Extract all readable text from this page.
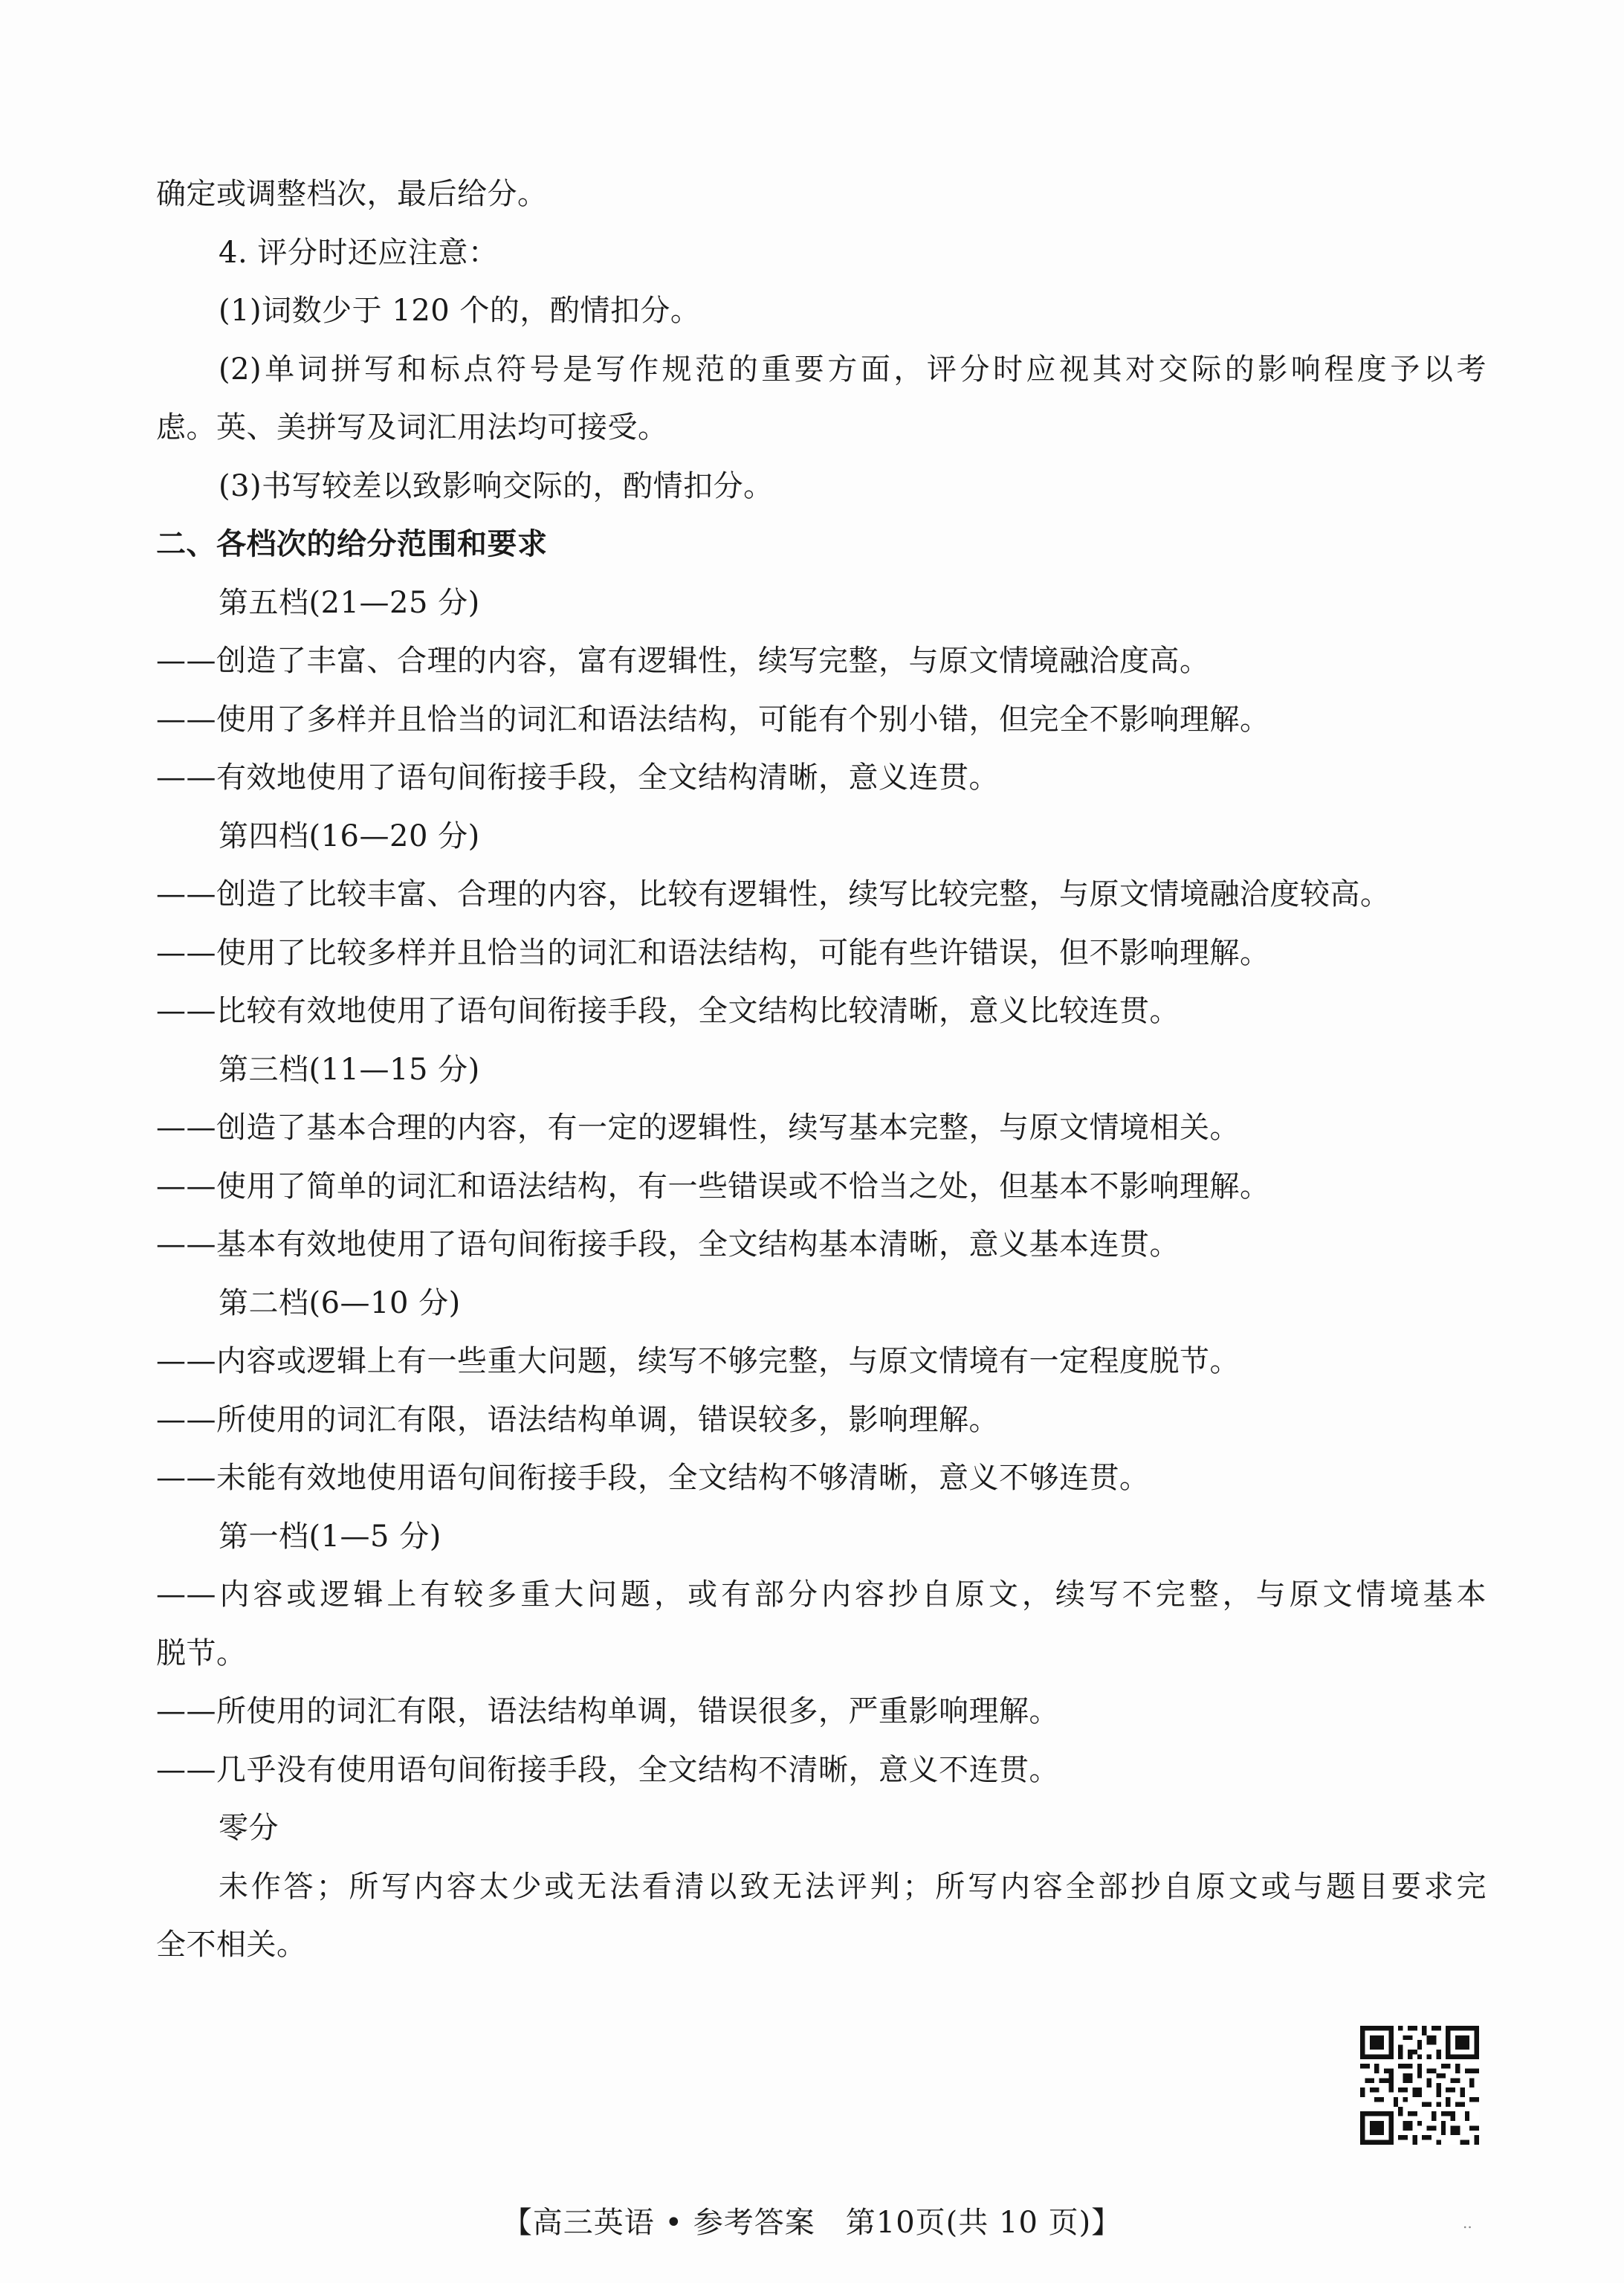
确定或调整档次，最后给分。
4. 评分时还应注意：
(1)词数少于 120 个的，酌情扣分。
(2)单词拼写和标点符号是写作规范的重要方面，评分时应视其对交际的影响程度予以考
虑。英、美拼写及词汇用法均可接受。
(3)书写较差以致影响交际的，酌情扣分。
二、各档次的给分范围和要求
第五档(21—25 分)
——创造了丰富、合理的内容，富有逻辑性，续写完整，与原文情境融洽度高。
——使用了多样并且恰当的词汇和语法结构，可能有个别小错，但完全不影响理解。
——有效地使用了语句间衔接手段，全文结构清晰，意义连贯。
第四档(16—20 分)
——创造了比较丰富、合理的内容，比较有逻辑性，续写比较完整，与原文情境融洽度较高。
——使用了比较多样并且恰当的词汇和语法结构，可能有些许错误，但不影响理解。
——比较有效地使用了语句间衔接手段，全文结构比较清晰，意义比较连贯。
第三档(11—15 分)
——创造了基本合理的内容，有一定的逻辑性，续写基本完整，与原文情境相关。
——使用了简单的词汇和语法结构，有一些错误或不恰当之处，但基本不影响理解。
——基本有效地使用了语句间衔接手段，全文结构基本清晰，意义基本连贯。
第二档(6—10 分)
——内容或逻辑上有一些重大问题，续写不够完整，与原文情境有一定程度脱节。
——所使用的词汇有限，语法结构单调，错误较多，影响理解。
——未能有效地使用语句间衔接手段，全文结构不够清晰，意义不够连贯。
第一档(1—5 分)
——内容或逻辑上有较多重大问题，或有部分内容抄自原文，续写不完整，与原文情境基本
脱节。
——所使用的词汇有限，语法结构单调，错误很多，严重影响理解。
——几乎没有使用语句间衔接手段，全文结构不清晰，意义不连贯。
零分
未作答；所写内容太少或无法看清以致无法评判；所写内容全部抄自原文或与题目要求完
全不相关。
【高三英语 • 参考答案　第10页(共 10 页)】	..
